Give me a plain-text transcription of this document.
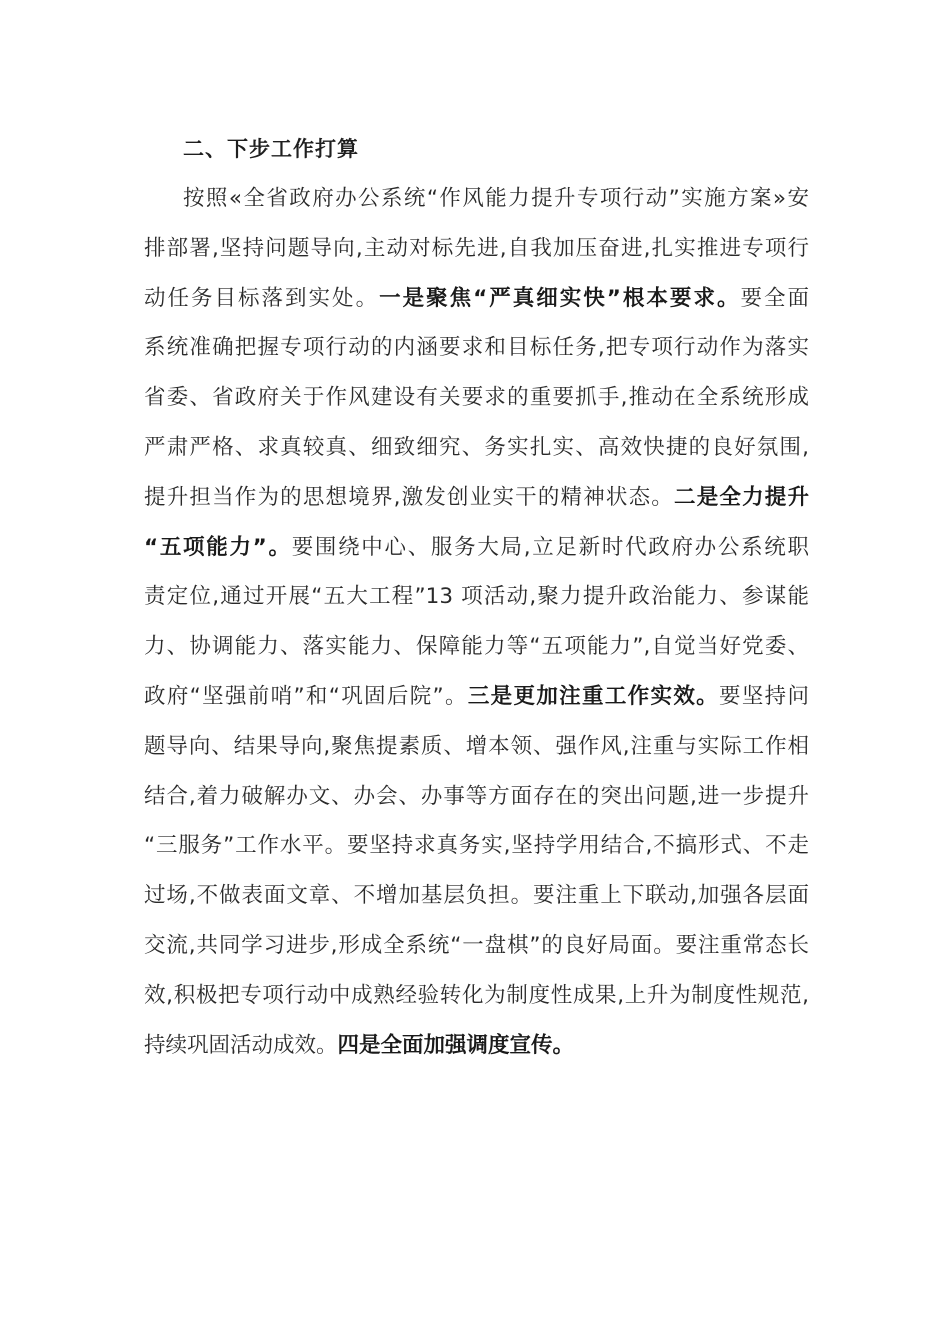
二、下步工作打算
按照«全省政府办公系统“作风能力提升专项行动”实施方案»安
排部署,坚持问题导向,主动对标先进,自我加压奋进,扎实推进专项行
动任务目标落到实处。一是聚焦“严真细实快”根本要求。要全面
系统准确把握专项行动的内涵要求和目标任务,把专项行动作为落实
省委、省政府关于作风建设有关要求的重要抓手,推动在全系统形成
严肃严格、求真较真、细致细究、务实扎实、高效快捷的良好氛围,
提升担当作为的思想境界,激发创业实干的精神状态。二是全力提升
“五项能力”。要围绕中心、服务大局,立足新时代政府办公系统职
责定位,通过开展“五大工程”13 项活动,聚力提升政治能力、参谋能
力、协调能力、落实能力、保障能力等“五项能力”,自觉当好党委、
政府“坚强前哨”和“巩固后院”。三是更加注重工作实效。要坚持问
题导向、结果导向,聚焦提素质、增本领、强作风,注重与实际工作相
结合,着力破解办文、办会、办事等方面存在的突出问题,进一步提升
“三服务”工作水平。要坚持求真务实,坚持学用结合,不搞形式、不走
过场,不做表面文章、不增加基层负担。要注重上下联动,加强各层面
交流,共同学习进步,形成全系统“一盘棋”的良好局面。要注重常态长
效,积极把专项行动中成熟经验转化为制度性成果,上升为制度性规范,
持续巩固活动成效。四是全面加强调度宣传。
